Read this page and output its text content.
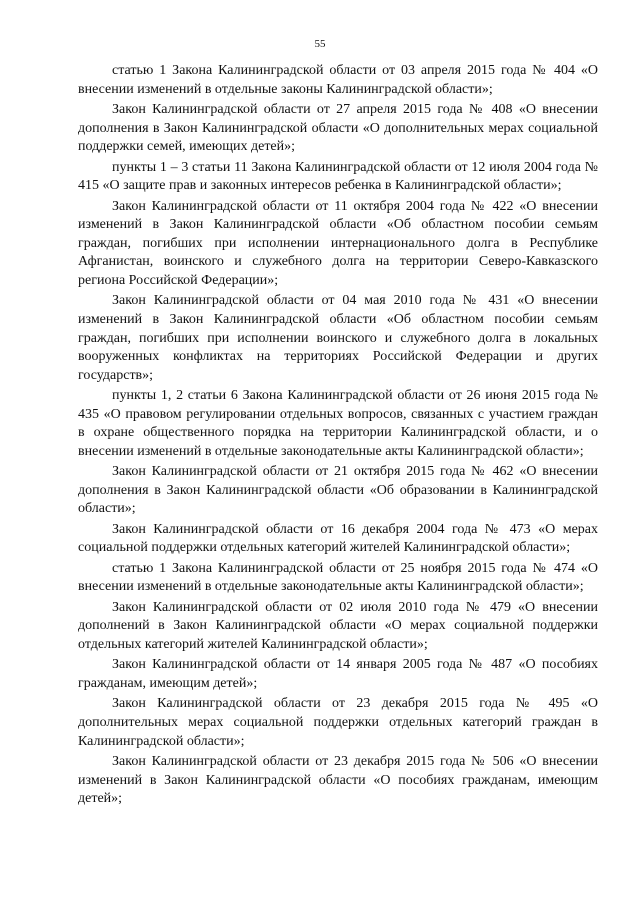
55

статью 1 Закона Калининградской области от 03 апреля 2015 года № 404 «О внесении изменений в отдельные законы Калининградской области»;

Закон Калининградской области от 27 апреля 2015 года № 408 «О внесении дополнения в Закон Калининградской области «О дополнительных мерах социальной поддержки семей, имеющих детей»;

пункты 1 – 3 статьи 11 Закона Калининградской области от 12 июля 2004 года № 415 «О защите прав и законных интересов ребенка в Калининградской области»;

Закон Калининградской области от 11 октября 2004 года № 422 «О внесении изменений в Закон Калининградской области «Об областном пособии семьям граждан, погибших при исполнении интернационального долга в Республике Афганистан, воинского и служебного долга на территории Северо-Кавказского региона Российской Федерации»;

Закон Калининградской области от 04 мая 2010 года № 431 «О внесении изменений в Закон Калининградской области «Об областном пособии семьям граждан, погибших при исполнении воинского и служебного долга в локальных вооруженных конфликтах на территориях Российской Федерации и других государств»;

пункты 1, 2 статьи 6 Закона Калининградской области от 26 июня 2015 года № 435 «О правовом регулировании отдельных вопросов, связанных с участием граждан в охране общественного порядка на территории Калининградской области, и о внесении изменений в отдельные законодательные акты Калининградской области»;

Закон Калининградской области от 21 октября 2015 года № 462 «О внесении дополнения в Закон Калининградской области «Об образовании в Калининградской области»;

Закон Калининградской области от 16 декабря 2004 года № 473 «О мерах социальной поддержки отдельных категорий жителей Калининградской области»;

статью 1 Закона Калининградской области от 25 ноября 2015 года № 474 «О внесении изменений в отдельные законодательные акты Калининградской области»;

Закон Калининградской области от 02 июля 2010 года № 479 «О внесении дополнений в Закон Калининградской области «О мерах социальной поддержки отдельных категорий жителей Калининградской области»;

Закон Калининградской области от 14 января 2005 года № 487 «О пособиях гражданам, имеющим детей»;

Закон Калининградской области от 23 декабря 2015 года № 495 «О дополнительных мерах социальной поддержки отдельных категорий граждан в Калининградской области»;

Закон Калининградской области от 23 декабря 2015 года № 506 «О внесении изменений в Закон Калининградской области «О пособиях гражданам, имеющим детей»;
